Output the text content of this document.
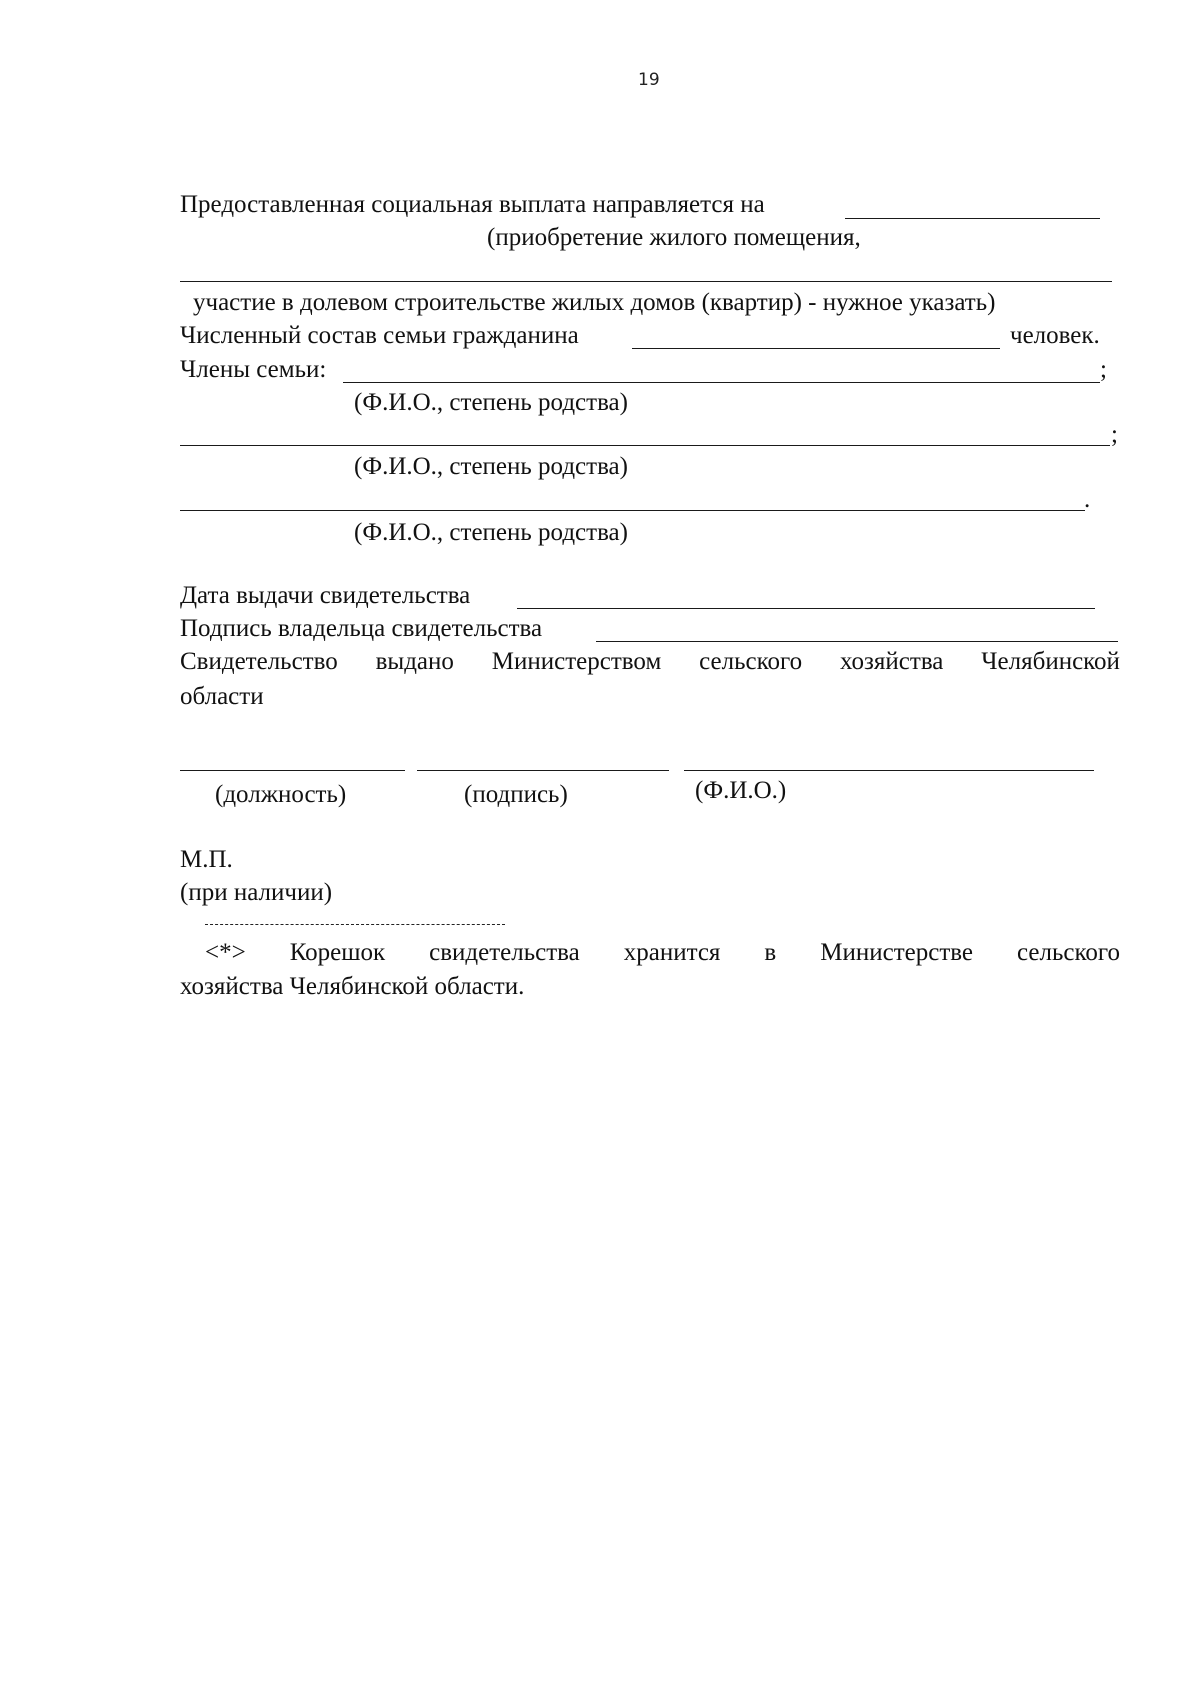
19
Предоставленная социальная выплата направляется на
(приобретение жилого помещения,
участие в долевом строительстве жилых домов (квартир) - нужное указать)
Численный состав семьи гражданина	человек.
Члены семьи:	;
(Ф.И.О., степень родства)
;
(Ф.И.О., степень родства)
.
(Ф.И.О., степень родства)
Дата выдачи свидетельства
Подпись владельца свидетельства
Свидетельство выдано Министерством сельского хозяйства Челябинской
области
(должность)	(подпись)	(Ф.И.О.)
М.П.
(при наличии)
<*> Корешок свидетельства хранится в Министерстве сельского
хозяйства Челябинской области.
